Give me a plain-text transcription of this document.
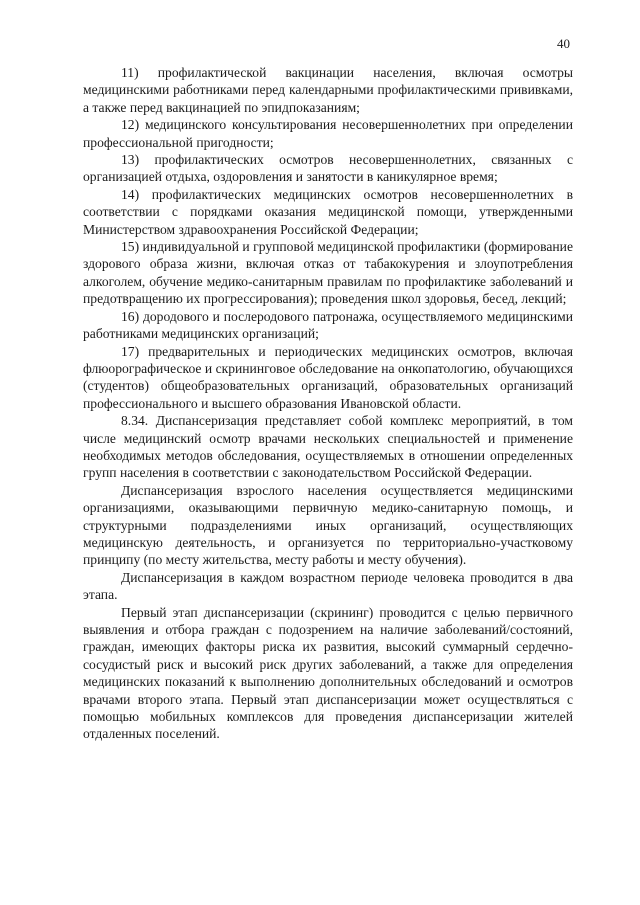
40

11) профилактической вакцинации населения, включая осмотры медицинскими работниками перед календарными профилактическими прививками, а также перед вакцинацией по эпидпоказаниям;

12) медицинского консультирования несовершеннолетних при определении профессиональной пригодности;

13) профилактических осмотров несовершеннолетних, связанных с организацией отдыха, оздоровления и занятости в каникулярное время;

14) профилактических медицинских осмотров несовершеннолетних в соответствии с порядками оказания медицинской помощи, утвержденными Министерством здравоохранения Российской Федерации;

15) индивидуальной и групповой медицинской профилактики (формирование здорового образа жизни, включая отказ от табакокурения и злоупотребления алкоголем, обучение медико-санитарным правилам по профилактике заболеваний и предотвращению их прогрессирования); проведения школ здоровья, бесед, лекций;

16) дородового и послеродового патронажа, осуществляемого медицинскими работниками медицинских организаций;

17) предварительных и периодических медицинских осмотров, включая флюорографическое и скрининговое обследование на онкопатологию, обучающихся (студентов) общеобразовательных организаций, образовательных организаций профессионального и высшего образования Ивановской области.

8.34. Диспансеризация представляет собой комплекс мероприятий, в том числе медицинский осмотр врачами нескольких специальностей и применение необходимых методов обследования, осуществляемых в отношении определенных групп населения в соответствии с законодательством Российской Федерации.

Диспансеризация взрослого населения осуществляется медицинскими организациями, оказывающими первичную медико-санитарную помощь, и структурными подразделениями иных организаций, осуществляющих медицинскую деятельность, и организуется по территориально-участковому принципу (по месту жительства, месту работы и месту обучения).

Диспансеризация в каждом возрастном периоде человека проводится в два этапа.

Первый этап диспансеризации (скрининг) проводится с целью первичного выявления и отбора граждан с подозрением на наличие заболеваний/состояний, граждан, имеющих факторы риска их развития, высокий суммарный сердечно-сосудистый риск и высокий риск других заболеваний, а также для определения медицинских показаний к выполнению дополнительных обследований и осмотров врачами второго этапа. Первый этап диспансеризации может осуществляться с помощью мобильных комплексов для проведения диспансеризации жителей отдаленных поселений.
